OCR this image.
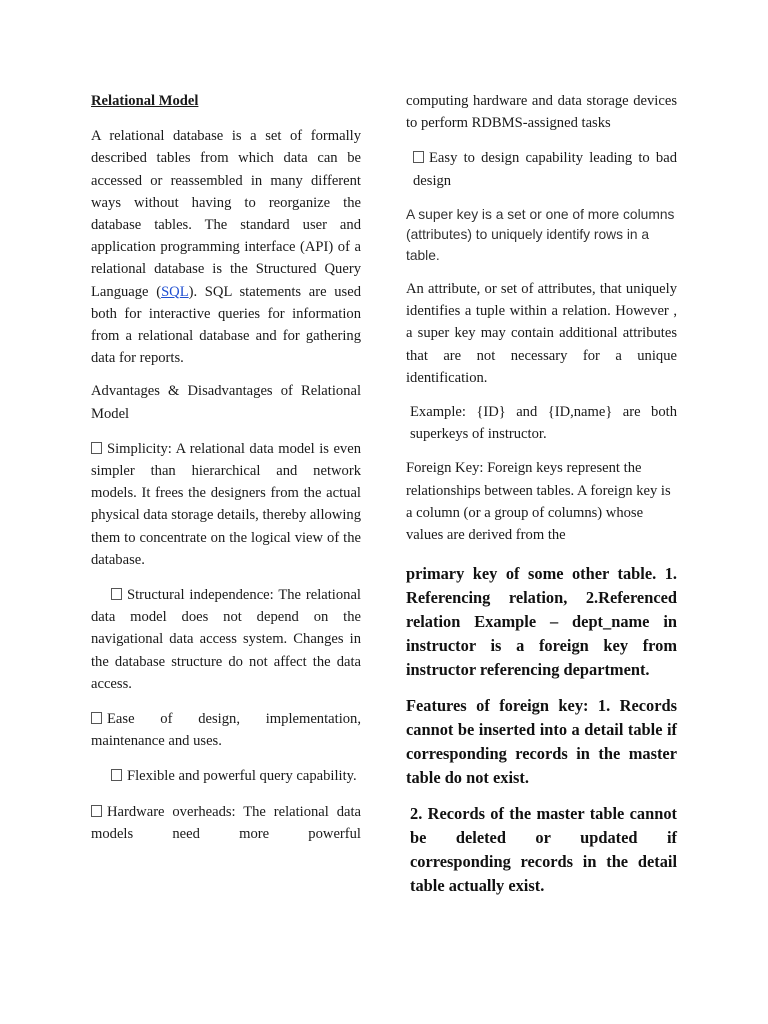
Relational Model

A relational database is a set of formally described tables from which data can be accessed or reassembled in many different ways without having to reorganize the database tables. The standard user and application programming interface (API) of a relational database is the Structured Query Language (SQL). SQL statements are used both for interactive queries for information from a relational database and for gathering data for reports.

Advantages & Disadvantages of Relational Model

Simplicity: A relational data model is even simpler than hierarchical and network models. It frees the designers from the actual physical data storage details, thereby allowing them to concentrate on the logical view of the database.

Structural independence: The relational data model does not depend on the navigational data access system. Changes in the database structure do not affect the data access.

Ease of design, implementation, maintenance and uses.

Flexible and powerful query capability.

Hardware overheads: The relational data models need more powerful

computing hardware and data storage devices to perform RDBMS-assigned tasks

Easy to design capability leading to bad design

A super key is a set or one of more columns (attributes) to uniquely identify rows in a table.

An attribute, or set of attributes, that uniquely identifies a tuple within a relation. However , a super key may contain additional attributes that are not necessary for a unique identification.

Example: {ID} and {ID,name} are both superkeys of instructor.

Foreign Key: Foreign keys represent the relationships between tables. A foreign key is a column (or a group of columns) whose values are derived from the

primary key of some other table. 1. Referencing relation, 2.Referenced relation Example – dept_name in instructor is a foreign key from instructor referencing department.

Features of foreign key: 1. Records cannot be inserted into a detail table if corresponding records in the master table do not exist.

2. Records of the master table cannot be deleted or updated if corresponding records in the detail table actually exist.
